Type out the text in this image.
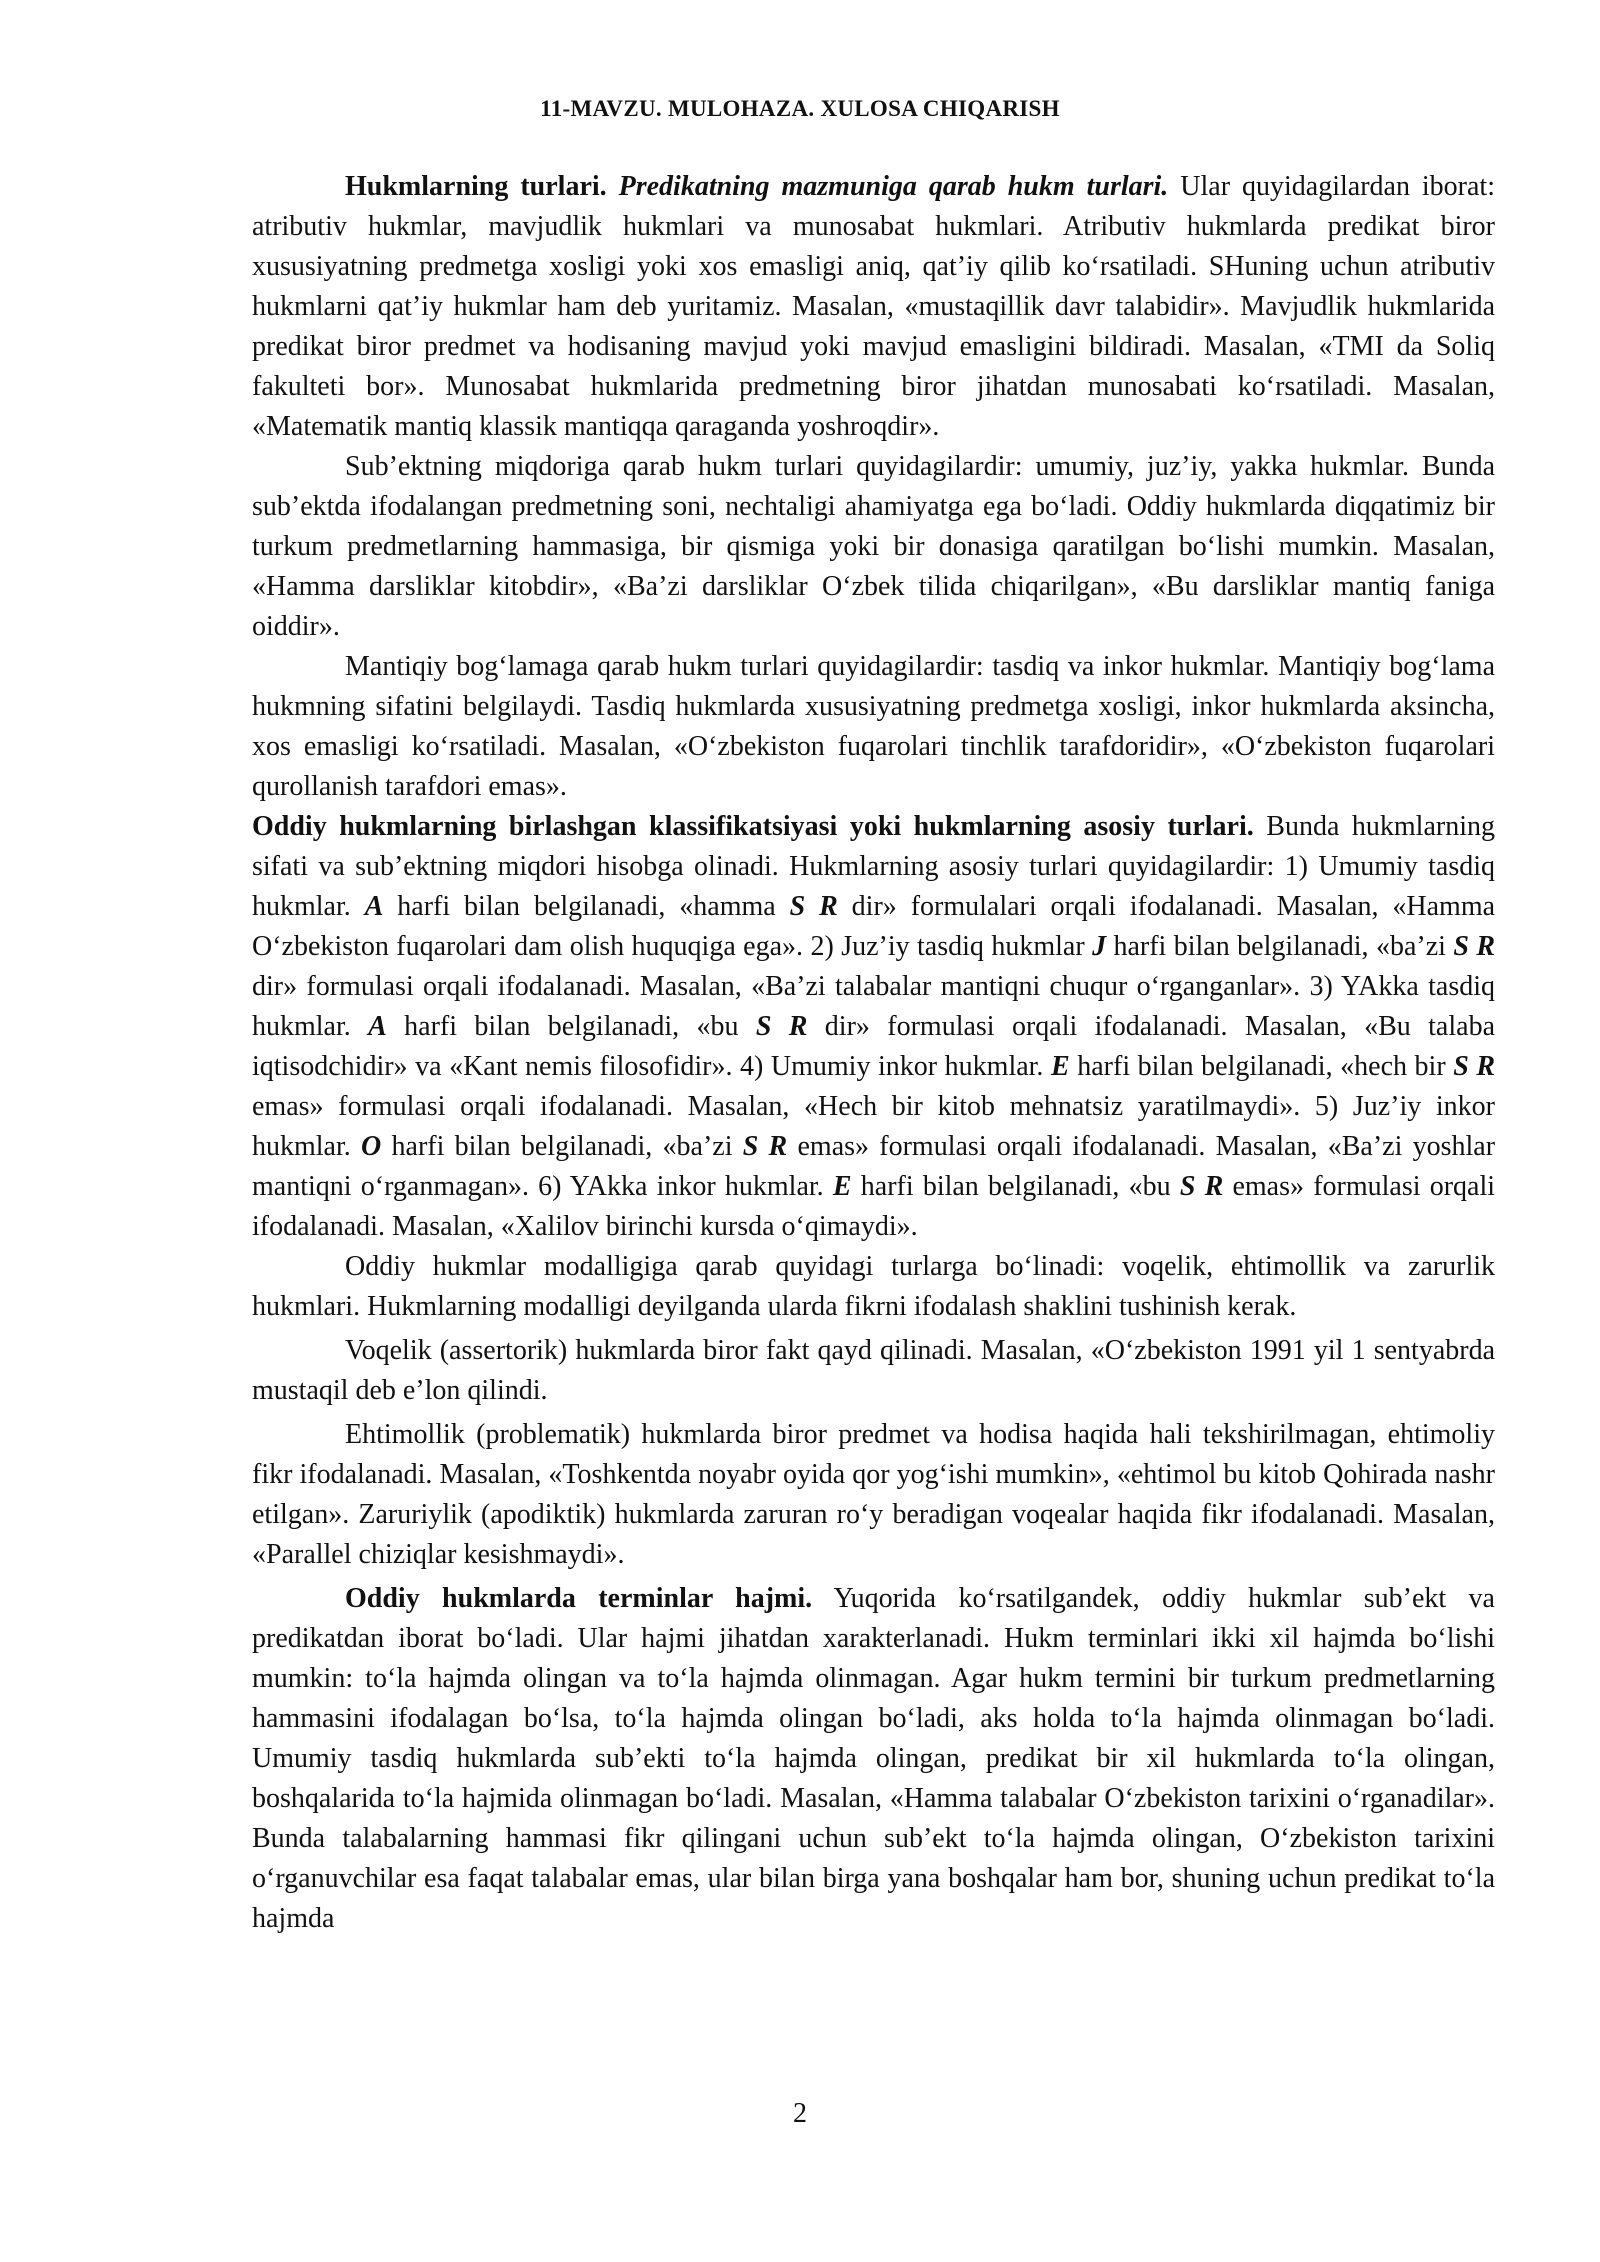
11-MAVZU. MULOHAZA. XULOSA CHIQARISH

Hukmlarning turlari. Predikatning mazmuniga qarab hukm turlari. Ular quyidagilardan iborat: atributiv hukmlar, mavjudlik hukmlari va munosabat hukmlari. Atributiv hukmlarda predikat biror xususiyatning predmetga xosligi yoki xos emasligi aniq, qat’iy qilib ko‘rsatiladi. SHuning uchun atributiv hukmlarni qat’iy hukmlar ham deb yuritamiz. Masalan, «mustaqillik davr talabidir». Mavjudlik hukmlarida predikat biror predmet va hodisaning mavjud yoki mavjud emasligini bildiradi. Masalan, «TMI da Soliq fakulteti bor». Munosabat hukmlarida predmetning biror jihatdan munosabati ko‘rsatiladi. Masalan, «Matematik mantiq klassik mantiqqa qaraganda yoshroqdir».

Sub’ektning miqdoriga qarab hukm turlari quyidagilardir: umumiy, juz’iy, yakka hukmlar. Bunda sub’ektda ifodalangan predmetning soni, nechtaligi ahamiyatga ega bo‘ladi. Oddiy hukmlarda diqqatimiz bir turkum predmetlarning hammasiga, bir qismiga yoki bir donasiga qaratilgan bo‘lishi mumkin. Masalan, «Hamma darsliklar kitobdir», «Ba’zi darsliklar O‘zbek tilida chiqarilgan», «Bu darsliklar mantiq faniga oiddir».

Mantiqiy bog‘lamaga qarab hukm turlari quyidagilardir: tasdiq va inkor hukmlar. Mantiqiy bog‘lama hukmning sifatini belgilaydi. Tasdiq hukmlarda xususiyatning predmetga xosligi, inkor hukmlarda aksincha, xos emasligi ko‘rsatiladi. Masalan, «O‘zbekiston fuqarolari tinchlik tarafdoridir», «O‘zbekiston fuqarolari qurollanish tarafdori emas».

Oddiy hukmlarning birlashgan klassifikatsiyasi yoki hukmlarning asosiy turlari. Bunda hukmlarning sifati va sub’ektning miqdori hisobga olinadi. Hukmlarning asosiy turlari quyidagilardir: 1) Umumiy tasdiq hukmlar. A harfi bilan belgilanadi, «hamma S R dir» formulalari orqali ifodalanadi. Masalan, «Hamma O‘zbekiston fuqarolari dam olish huquqiga ega». 2) Juz’iy tasdiq hukmlar J harfi bilan belgilanadi, «ba’zi S R dir» formulasi orqali ifodalanadi. Masalan, «Ba’zi talabalar mantiqni chuqur o‘rganganlar». 3) YAkka tasdiq hukmlar. A harfi bilan belgilanadi, «bu S R dir» formulasi orqali ifodalanadi. Masalan, «Bu talaba iqtisodchidir» va «Kant nemis filosofidir». 4) Umumiy inkor hukmlar. E harfi bilan belgilanadi, «hech bir S R emas» formulasi orqali ifodalanadi. Masalan, «Hech bir kitob mehnatsiz yaratilmaydi». 5) Juz’iy inkor hukmlar. O harfi bilan belgilanadi, «ba’zi S R emas» formulasi orqali ifodalanadi. Masalan, «Ba’zi yoshlar mantiqni o‘rganmagan». 6) YAkka inkor hukmlar. E harfi bilan belgilanadi, «bu S R emas» formulasi orqali ifodalanadi. Masalan, «Xalilov birinchi kursda o‘qimaydi».

Oddiy hukmlar modalligiga qarab quyidagi turlarga bo‘linadi: voqelik, ehtimollik va zarurlik hukmlari. Hukmlarning modalligi deyilganda ularda fikrni ifodalash shaklini tushinish kerak.

Voqelik (assertorik) hukmlarda biror fakt qayd qilinadi. Masalan, «O‘zbekiston 1991 yil 1 sentyabrda mustaqil deb e’lon qilindi.

Ehtimollik (problematik) hukmlarda biror predmet va hodisa haqida hali tekshirilmagan, ehtimoliy fikr ifodalanadi. Masalan, «Toshkentda noyabr oyida qor yog‘ishi mumkin», «ehtimol bu kitob Qohirada nashr etilgan». Zaruriylik (apodiktik) hukmlarda zaruran ro‘y beradigan voqealar haqida fikr ifodalanadi. Masalan, «Parallel chiziqlar kesishmaydi».

Oddiy hukmlarda terminlar hajmi. Yuqorida ko‘rsatilgandek, oddiy hukmlar sub’ekt va predikatdan iborat bo‘ladi. Ular hajmi jihatdan xarakterlanadi. Hukm terminlari ikki xil hajmda bo‘lishi mumkin: to‘la hajmda olingan va to‘la hajmda olinmagan. Agar hukm termini bir turkum predmetlarning hammasini ifodalagan bo‘lsa, to‘la hajmda olingan bo‘ladi, aks holda to‘la hajmda olinmagan bo‘ladi. Umumiy tasdiq hukmlarda sub’ekti to‘la hajmda olingan, predikat bir xil hukmlarda to‘la olingan, boshqalarida to‘la hajmida olinmagan bo‘ladi. Masalan, «Hamma talabalar O‘zbekiston tarixini o‘rganadilar». Bunda talabalarning hammasi fikr qilingani uchun sub’ekt to‘la hajmda olingan, O‘zbekiston tarixini o‘rganuvchilar esa faqat talabalar emas, ular bilan birga yana boshqalar ham bor, shuning uchun predikat to‘la hajmda

2
